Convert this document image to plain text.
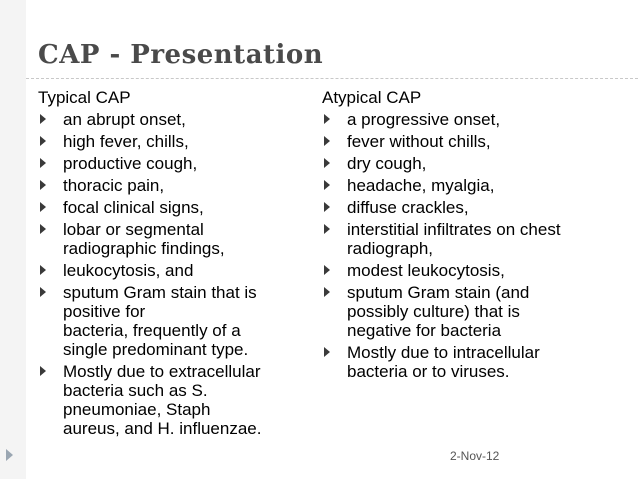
CAP - Presentation
Typical CAP
an abrupt onset,
high fever, chills,
productive cough,
thoracic pain,
focal clinical signs,
lobar or segmental
radiographic findings,
leukocytosis, and
sputum Gram stain that is
positive for
bacteria, frequently of a
single predominant type.
Mostly due to extracellular
bacteria such as S.
pneumoniae, Staph
aureus, and H. influenzae.
Atypical CAP
a progressive onset,
fever without chills,
dry cough,
headache, myalgia,
diffuse crackles,
interstitial infiltrates on chest
radiograph,
modest leukocytosis,
sputum Gram stain (and
possibly culture) that is
negative for bacteria
Mostly due to intracellular
bacteria or to viruses.
2-Nov-12
